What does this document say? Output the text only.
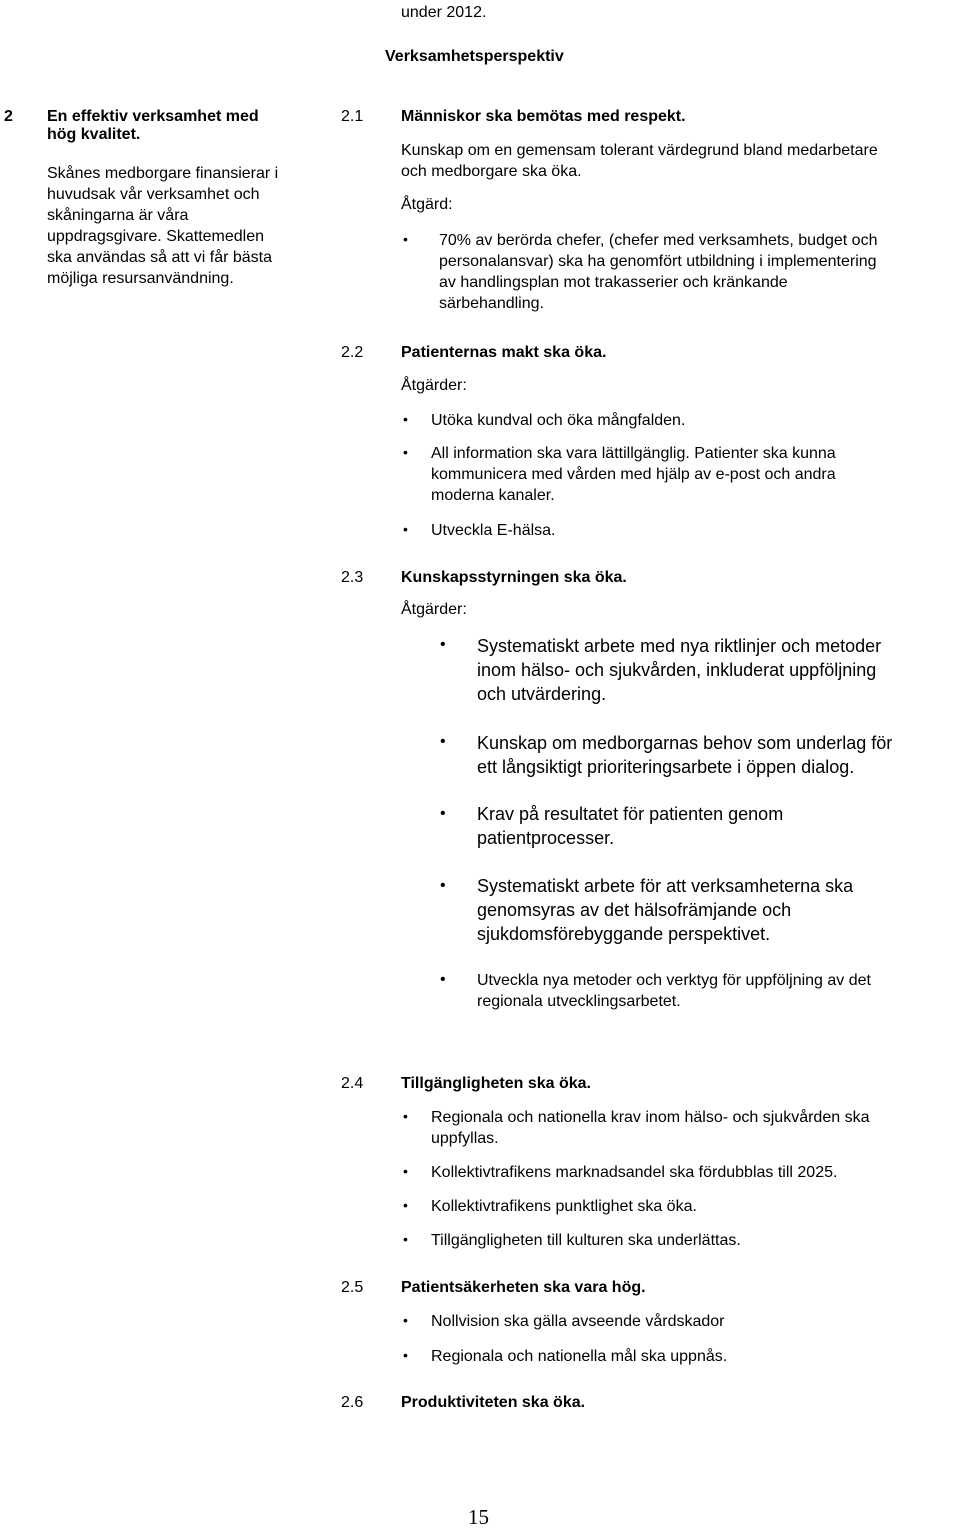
under 2012.
Verksamhetsperspektiv
2 En effektiv verksamhet med
hög kvalitet.
Skånes medborgare finansierar i
huvudsak vår verksamhet och
skåningarna är våra
uppdragsgivare. Skattemedlen
ska användas så att vi får bästa
möjliga resursanvändning.
2.1 Människor ska bemötas med respekt.
Kunskap om en gemensam tolerant värdegrund bland medarbetare
och medborgare ska öka.
Åtgärd:
• 70% av berörda chefer, (chefer med verksamhets, budget och
personalansvar) ska ha genomfört utbildning i implementering
av handlingsplan mot trakasserier och kränkande
särbehandling.
2.2 Patienternas makt ska öka.
Åtgärder:
• Utöka kundval och öka mångfalden.
• All information ska vara lättillgänglig. Patienter ska kunna
kommunicera med vården med hjälp av e-post och andra
moderna kanaler.
• Utveckla E-hälsa.
2.3 Kunskapsstyrningen ska öka.
Åtgärder:
• Systematiskt arbete med nya riktlinjer och metoder
inom hälso- och sjukvården, inkluderat uppföljning
och utvärdering.
• Kunskap om medborgarnas behov som underlag för
ett långsiktigt prioriteringsarbete i öppen dialog.
• Krav på resultatet för patienten genom
patientprocesser.
• Systematiskt arbete för att verksamheterna ska
genomsyras av det hälsofrämjande och
sjukdomsförebyggande perspektivet.
• Utveckla nya metoder och verktyg för uppföljning av det
regionala utvecklingsarbetet.
2.4 Tillgängligheten ska öka.
• Regionala och nationella krav inom hälso- och sjukvården ska
uppfyllas.
• Kollektivtrafikens marknadsandel ska fördubblas till 2025.
• Kollektivtrafikens punktlighet ska öka.
• Tillgängligheten till kulturen ska underlättas.
2.5 Patientsäkerheten ska vara hög.
• Nollvision ska gälla avseende vårdskador
• Regionala och nationella mål ska uppnås.
2.6 Produktiviteten ska öka.
15
